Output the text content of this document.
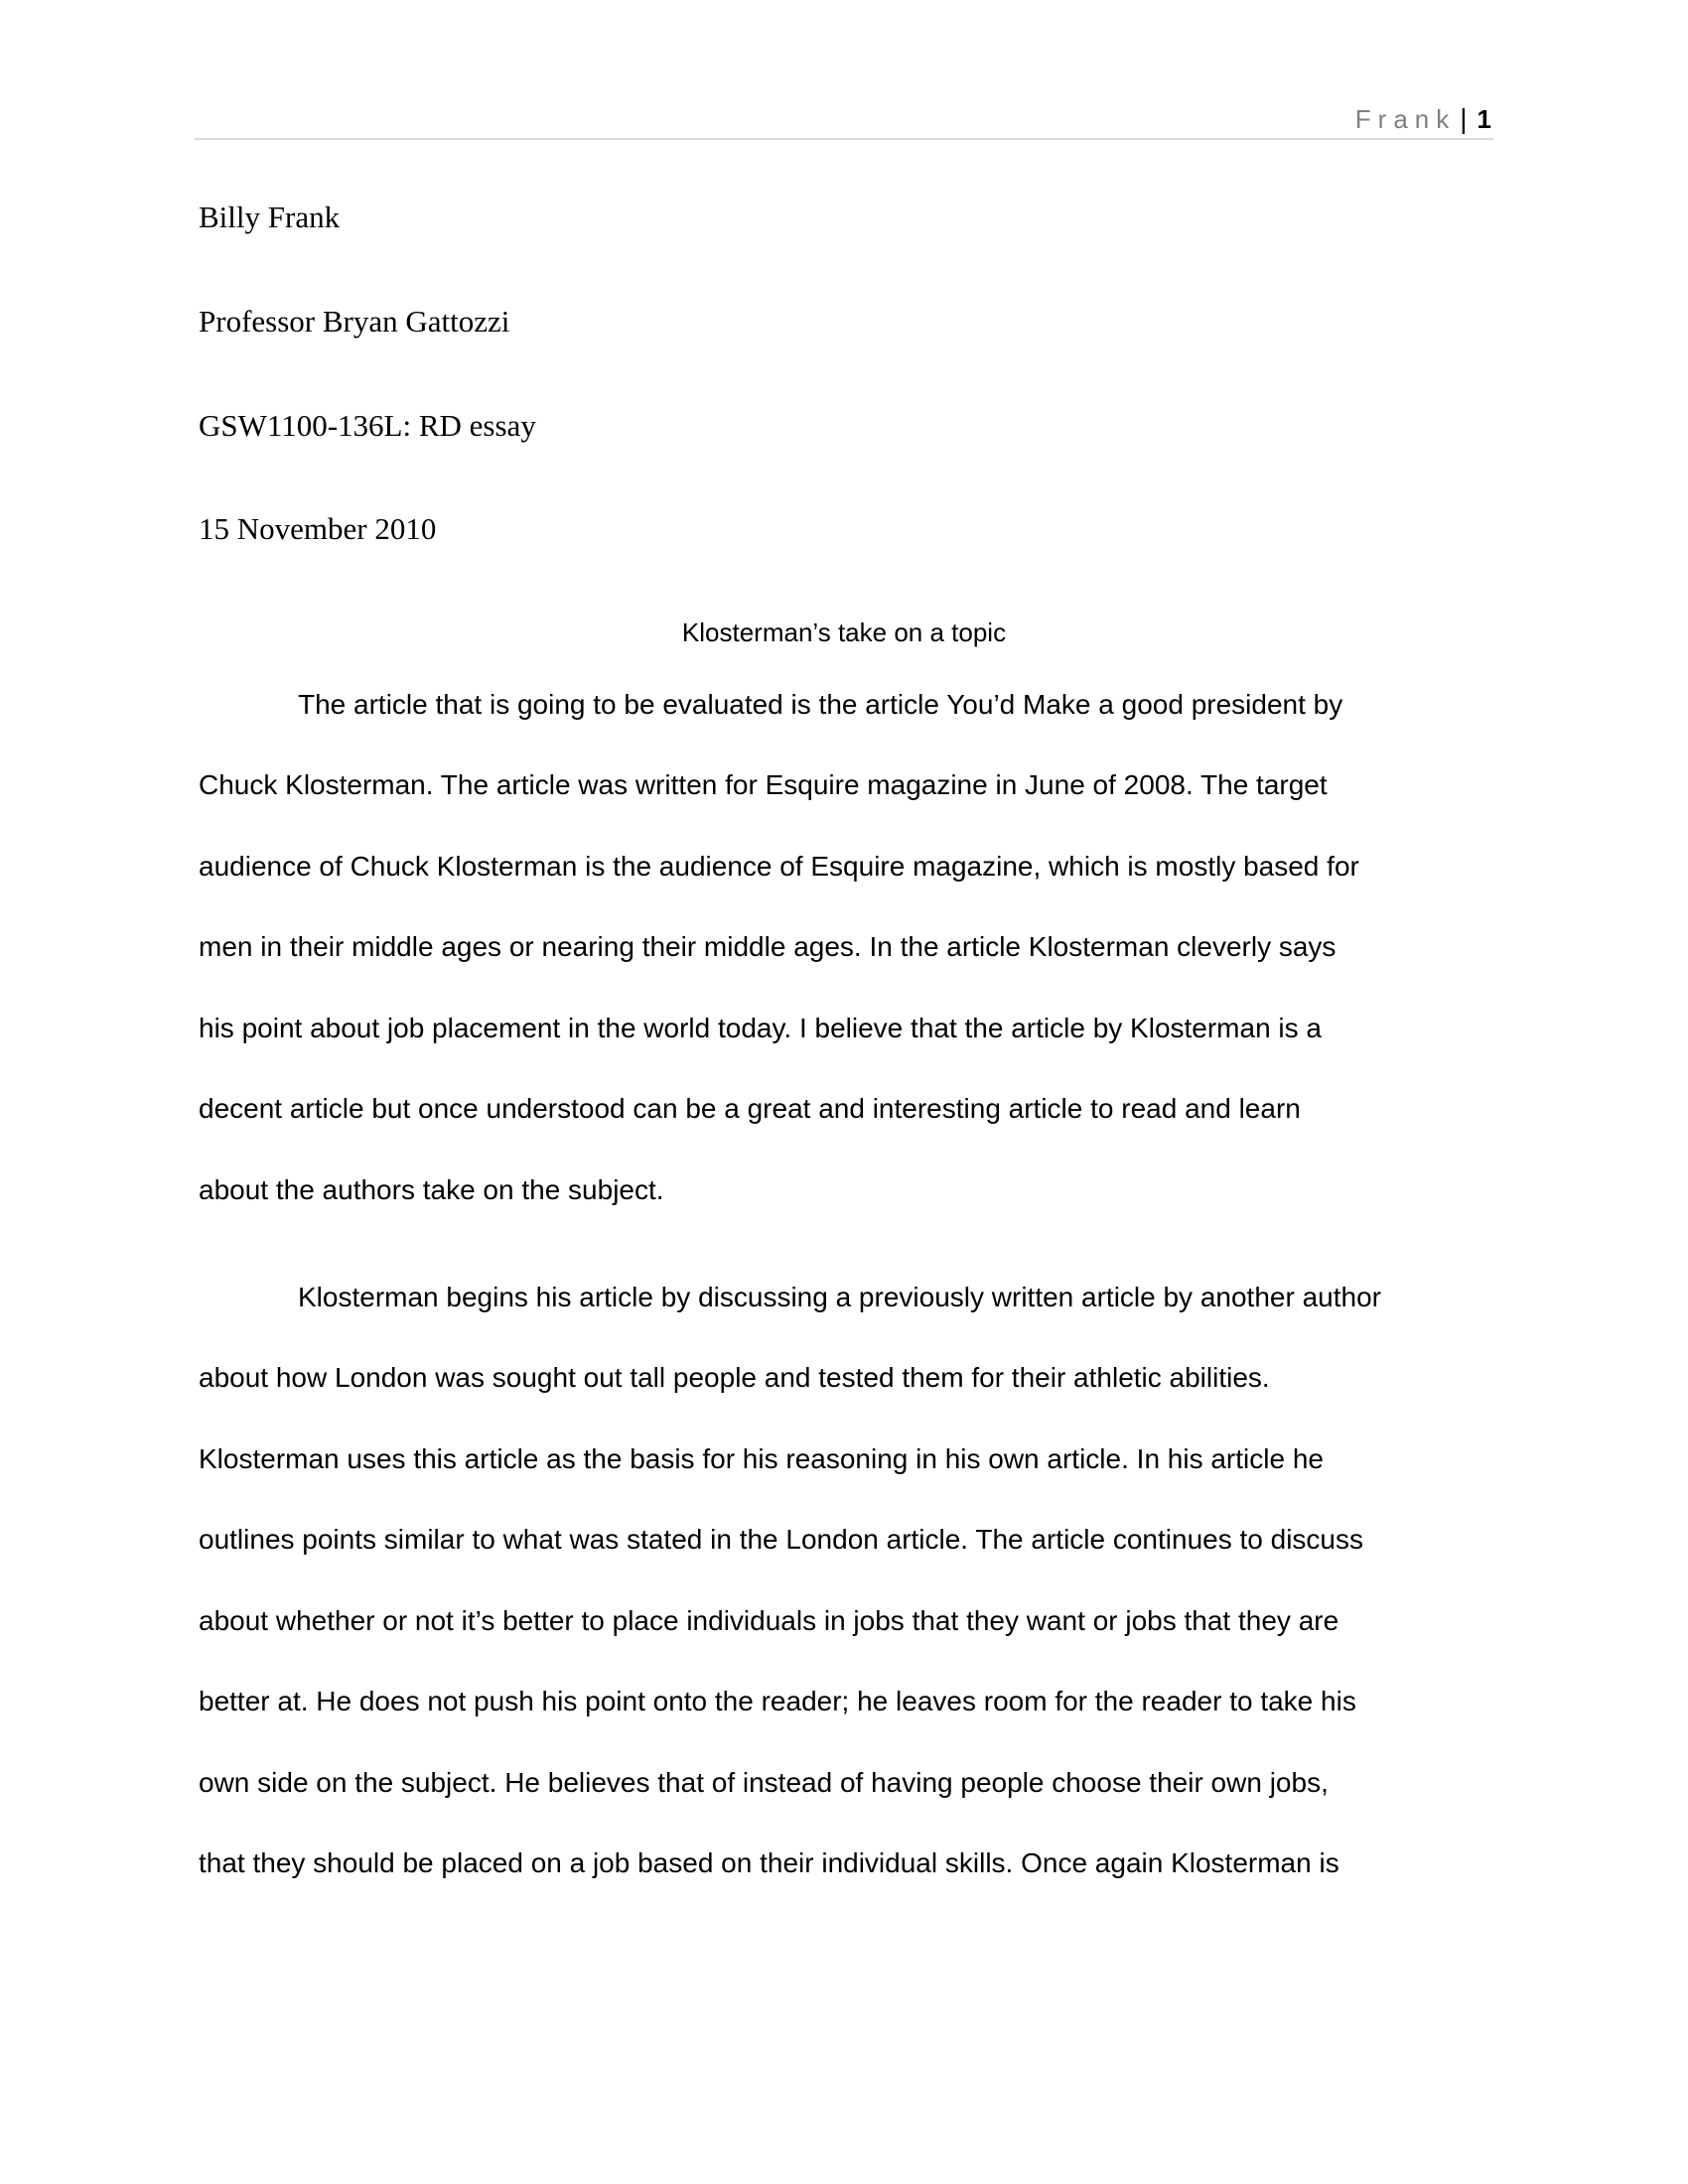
Frank | 1
Billy Frank
Professor Bryan Gattozzi
GSW1100-136L: RD essay
15 November 2010
Klosterman’s take on a topic
The article that is going to be evaluated is the article You’d Make a good president by
Chuck Klosterman. The article was written for Esquire magazine in June of 2008. The target
audience of Chuck Klosterman is the audience of Esquire magazine, which is mostly based for
men in their middle ages or nearing their middle ages. In the article Klosterman cleverly says
his point about job placement in the world today. I believe that the article by Klosterman is a
decent article but once understood can be a great and interesting article to read and learn
about the authors take on the subject.
Klosterman begins his article by discussing a previously written article by another author
about how London was sought out tall people and tested them for their athletic abilities.
Klosterman uses this article as the basis for his reasoning in his own article. In his article he
outlines points similar to what was stated in the London article. The article continues to discuss
about whether or not it’s better to place individuals in jobs that they want or jobs that they are
better at. He does not push his point onto the reader; he leaves room for the reader to take his
own side on the subject. He believes that of instead of having people choose their own jobs,
that they should be placed on a job based on their individual skills. Once again Klosterman is
